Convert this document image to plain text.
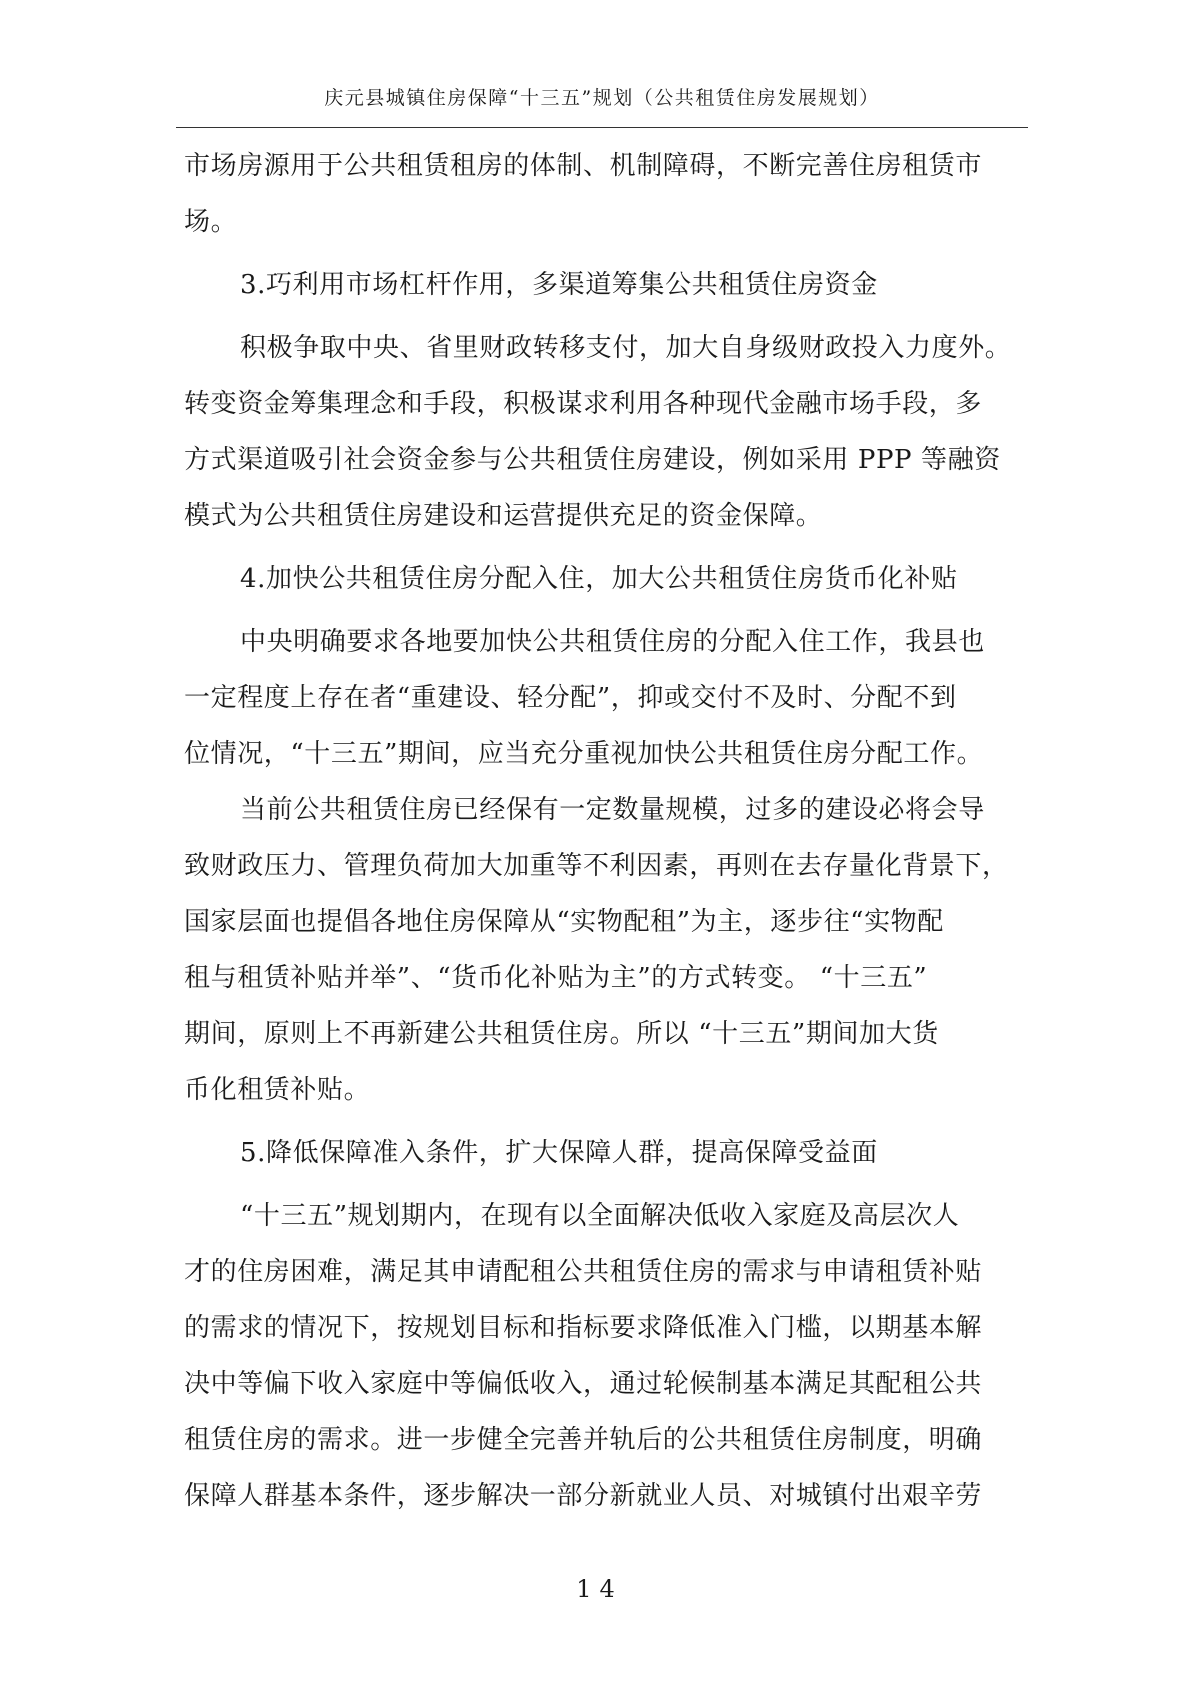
庆元县城镇住房保障“十三五”规划（公共租赁住房发展规划）
市场房源用于公共租赁租房的体制、机制障碍，不断完善住房租赁市
场。
3.巧利用市场杠杆作用，多渠道筹集公共租赁住房资金
积极争取中央、省里财政转移支付，加大自身级财政投入力度外。
转变资金筹集理念和手段，积极谋求利用各种现代金融市场手段，多
方式渠道吸引社会资金参与公共租赁住房建设，例如采用 PPP 等融资
模式为公共租赁住房建设和运营提供充足的资金保障。
4.加快公共租赁住房分配入住，加大公共租赁住房货币化补贴
中央明确要求各地要加快公共租赁住房的分配入住工作，我县也
一定程度上存在者“重建设、轻分配”，抑或交付不及时、分配不到
位情况，“十三五”期间，应当充分重视加快公共租赁住房分配工作。
当前公共租赁住房已经保有一定数量规模，过多的建设必将会导
致财政压力、管理负荷加大加重等不利因素，再则在去存量化背景下，
国家层面也提倡各地住房保障从“实物配租”为主，逐步往“实物配
租与租赁补贴并举”、“货币化补贴为主”的方式转变。 “十三五”
期间，原则上不再新建公共租赁住房。所以 “十三五”期间加大货
币化租赁补贴。
5.降低保障准入条件，扩大保障人群，提高保障受益面
“十三五”规划期内，在现有以全面解决低收入家庭及高层次人
才的住房困难，满足其申请配租公共租赁住房的需求与申请租赁补贴
的需求的情况下，按规划目标和指标要求降低准入门槛，以期基本解
决中等偏下收入家庭中等偏低收入，通过轮候制基本满足其配租公共
租赁住房的需求。进一步健全完善并轨后的公共租赁住房制度，明确
保障人群基本条件，逐步解决一部分新就业人员、对城镇付出艰辛劳
14
